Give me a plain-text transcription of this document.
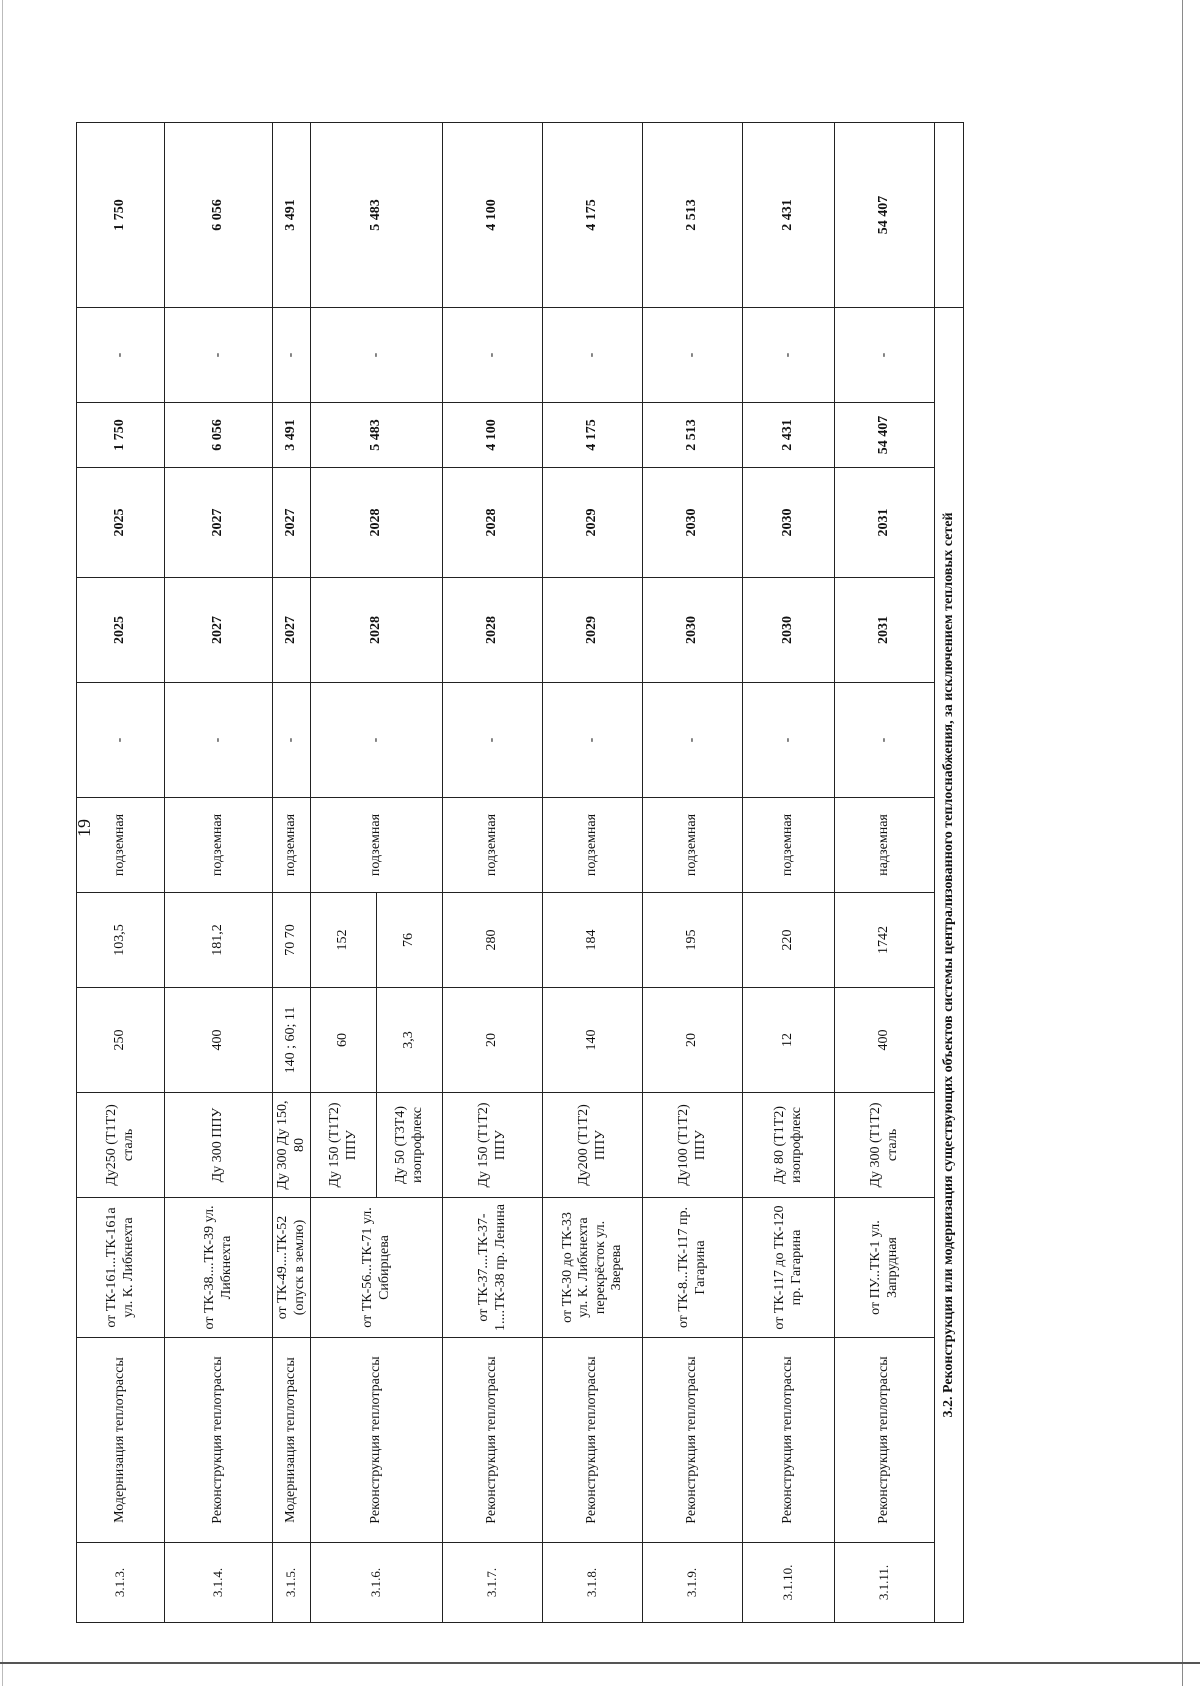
19
3.1.3.	Модернизация теплотрассы	от ТК-161...ТК-161а ул. К. Либкнехта	Ду250 (Т1Т2) сталь	250	103,5	подземная	-	2025	2025	1 750	-	1 750
3.1.4.	Реконструкция теплотрассы	от ТК-38....ТК-39 ул. Либкнехта	Ду 300 ППУ	400	181,2	подземная	-	2027	2027	6 056	-	6 056
3.1.5.	Модернизация теплотрассы	от ТК-49....ТК-52 (опуск в землю)	Ду 300 Ду 150, 80	140 ; 60; 11	70 70	подземная	-	2027	2027	3 491	-	3 491
3.1.6.	Реконструкция теплотрассы	от ТК-56...ТК-71 ул. Сибирцева	Ду 150 (Т1Т2) ППУ	60	152	подземная	-	2028	2028	5 483	-	5 483
			Ду 50 (Т3Т4) изопрофлекс	3,3	76							
3.1.7.	Реконструкция теплотрассы	от ТК-37....ТК-37-1....ТК-38 пр. Ленина	Ду 150 (Т1Т2) ППУ	20	280	подземная	-	2028	2028	4 100	-	4 100
3.1.8.	Реконструкция теплотрассы	от ТК-30 до ТК-33 ул. К. Либкнехта перекрёсток ул. Зверева	Ду200 (Т1Т2) ППУ	140	184	подземная	-	2029	2029	4 175	-	4 175
3.1.9.	Реконструкция теплотрассы	от ТК-8...ТК-117 пр. Гагарина	Ду100 (Т1Т2) ППУ	20	195	подземная	-	2030	2030	2 513	-	2 513
3.1.10.	Реконструкция теплотрассы	от ТК-117 до ТК-120 пр. Гагарина	Ду 80 (Т1Т2) изопрофлекс	12	220	подземная	-	2030	2030	2 431	-	2 431
3.1.11.	Реконструкция теплотрассы	от ПУ...ТК-1 ул. Запрудная	Ду 300 (Т1Т2) сталь	400	1742	надземная	-	2031	2031	54 407	-	54 407
3.2. Реконструкция или модернизация существующих объектов системы централизованного теплоснабжения, за исключением тепловых сетей												
